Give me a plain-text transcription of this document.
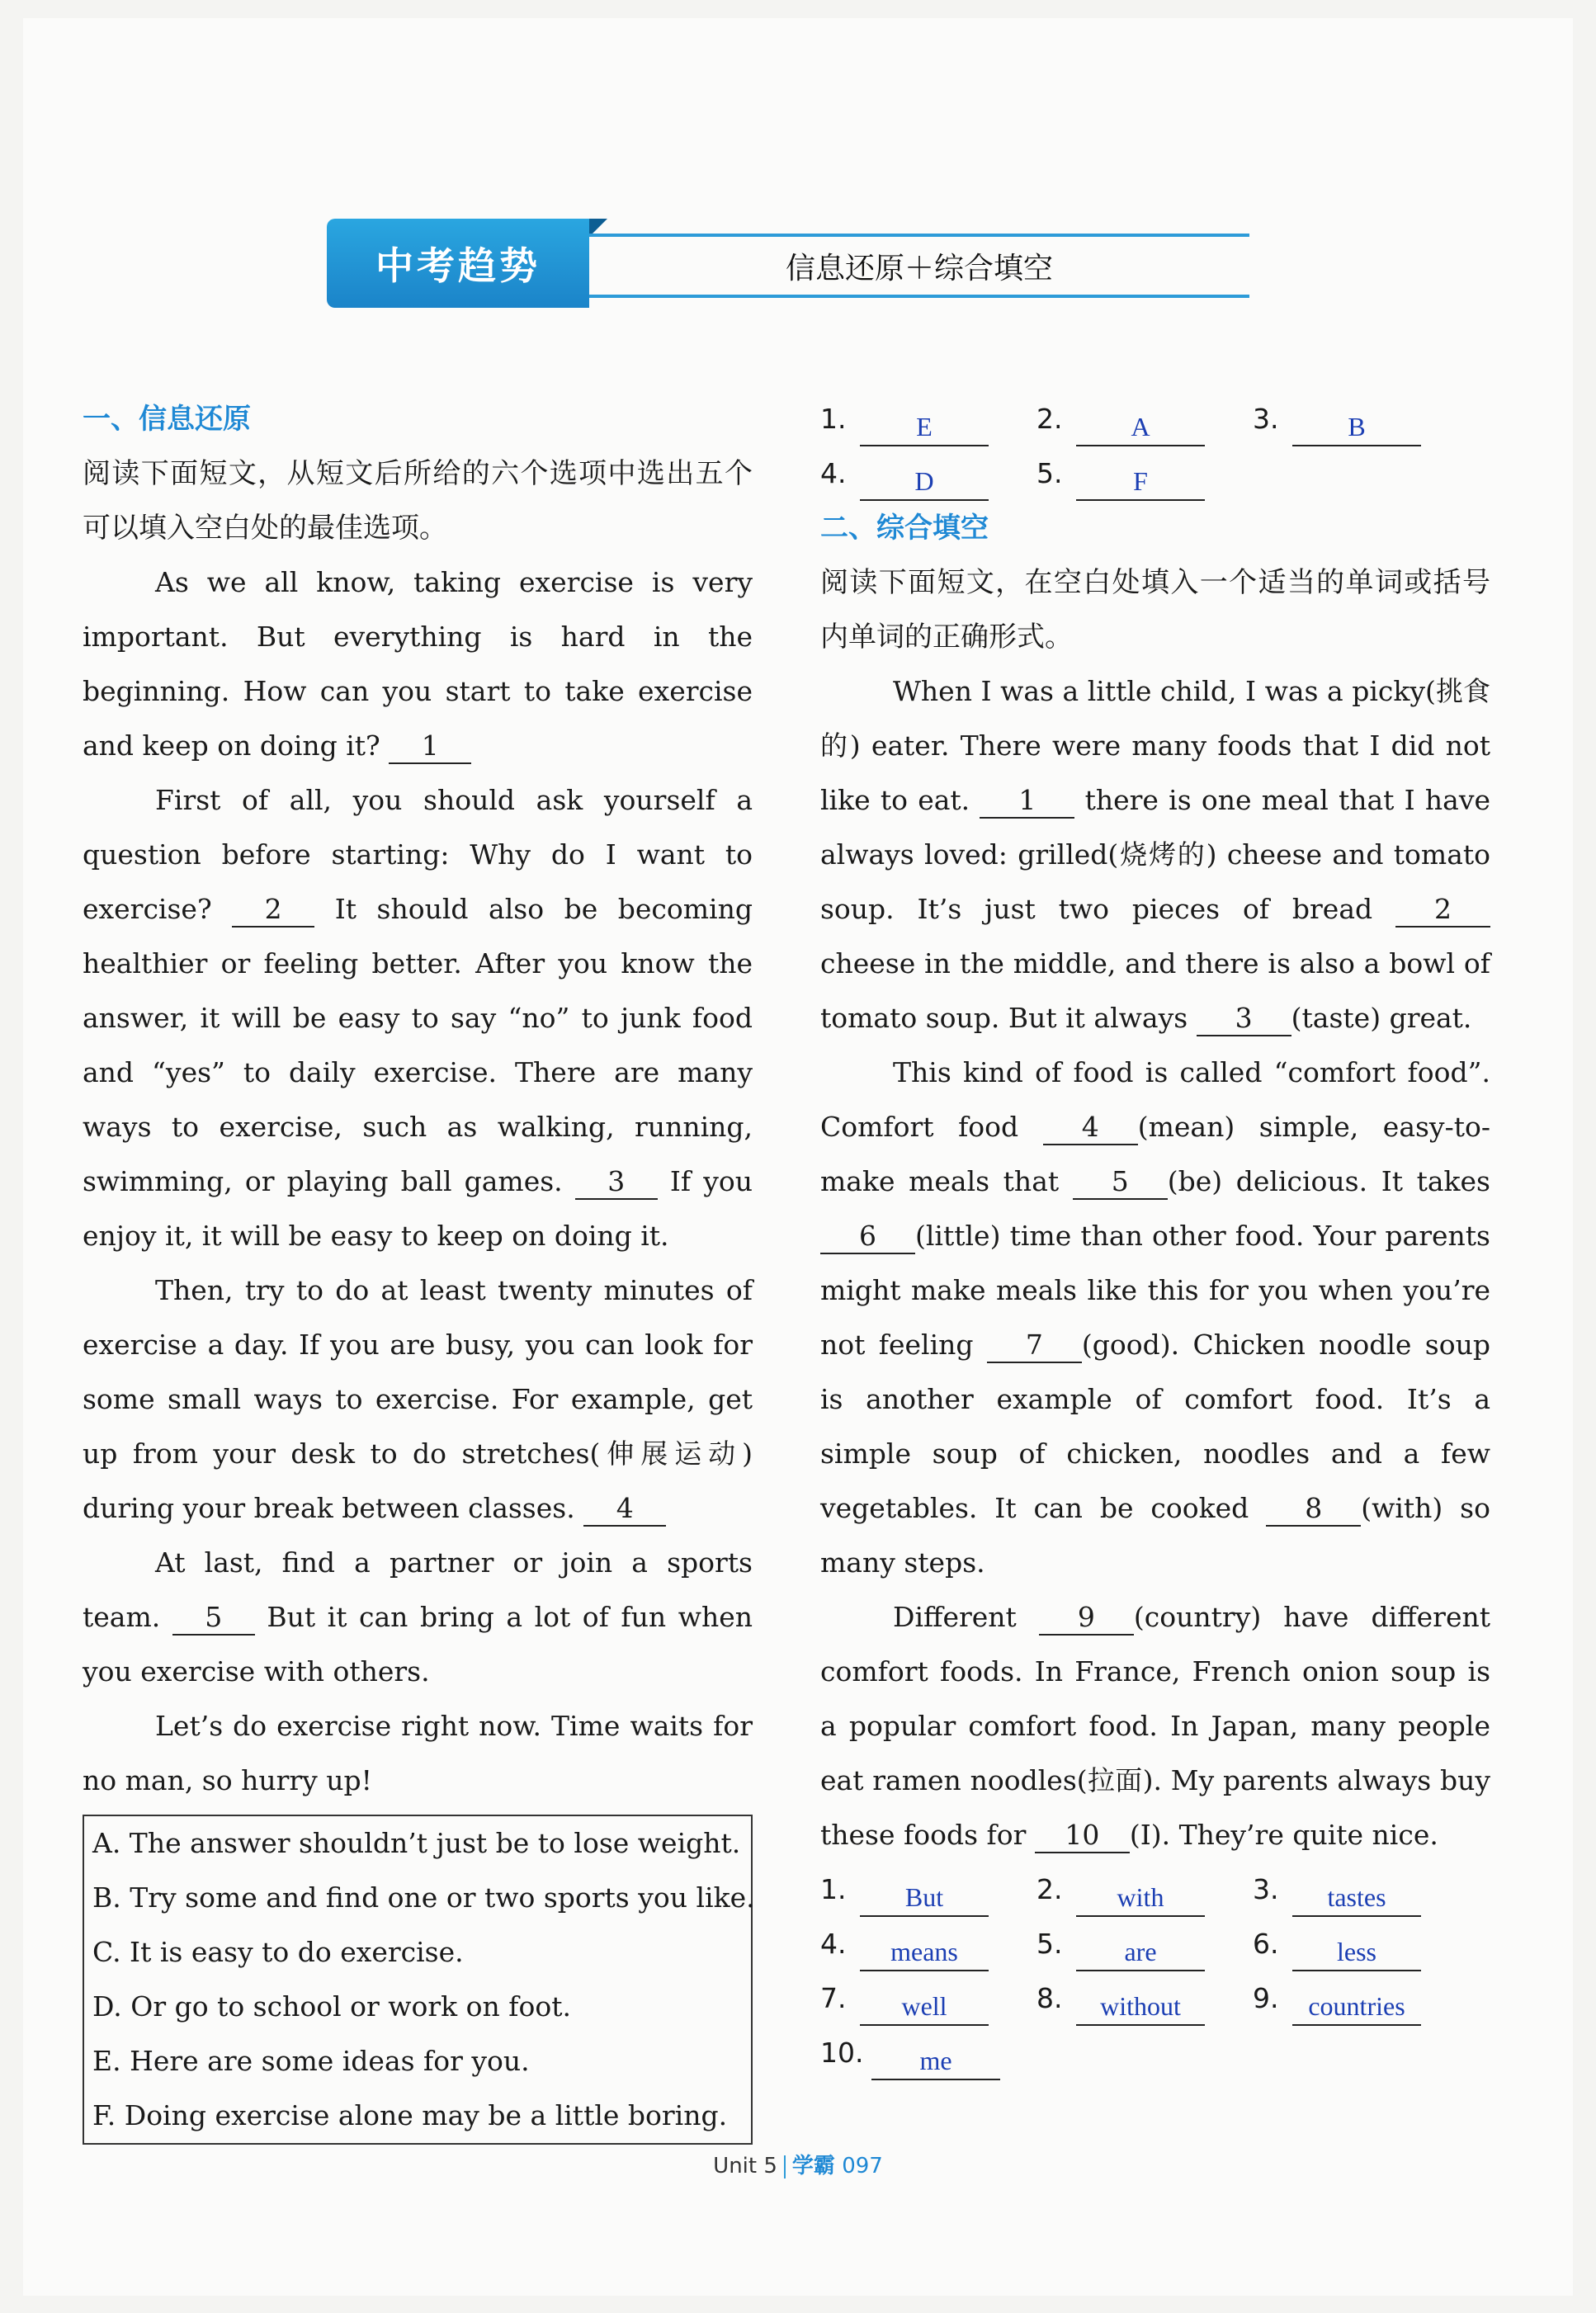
中考趋势	信息还原＋综合填空
一、信息还原
阅读下面短文，从短文后所给的六个选项中选出五个可以填入空白处的最佳选项。
As we all know, taking exercise is very important. But everything is hard in the beginning. How can you start to take exercise and keep on doing it? 1
First of all, you should ask yourself a question before starting: Why do I want to exercise? 2 It should also be becoming healthier or feeling better. After you know the answer, it will be easy to say “no” to junk food and “yes” to daily exercise. There are many ways to exercise, such as walking, running, swimming, or playing ball games. 3 If you enjoy it, it will be easy to keep on doing it.
Then, try to do at least twenty minutes of exercise a day. If you are busy, you can look for some small ways to exercise. For example, get up from your desk to do stretches(伸展运动) during your break between classes. 4
At last, find a partner or join a sports team. 5 But it can bring a lot of fun when you exercise with others.
Let’s do exercise right now. Time waits for no man, so hurry up!
A. The answer shouldn’t just be to lose weight.
B. Try some and find one or two sports you like.
C. It is easy to do exercise.
D. Or go to school or work on foot.
E. Here are some ideas for you.
F. Doing exercise alone may be a little boring.
1.	E	2.	A	3.	B
4.	D	5.	F
二、综合填空
阅读下面短文，在空白处填入一个适当的单词或括号内单词的正确形式。
When I was a little child, I was a picky(挑食的) eater. There were many foods that I did not like to eat. 1 there is one meal that I have always loved: grilled(烧烤的) cheese and tomato soup. It’s just two pieces of bread 2 cheese in the middle, and there is also a bowl of tomato soup. But it always 3 (taste) great.
This kind of food is called “comfort food”. Comfort food 4 (mean) simple, easy-to-make meals that 5 (be) delicious. It takes 6 (little) time than other food. Your parents might make meals like this for you when you’re not feeling 7 (good). Chicken noodle soup is another example of comfort food. It’s a simple soup of chicken, noodles and a few vegetables. It can be cooked 8 (with) so many steps.
Different 9 (country) have different comfort foods. In France, French onion soup is a popular comfort food. In Japan, many people eat ramen noodles(拉面). My parents always buy these foods for 10 (I). They’re quite nice.
1.	But	2.	with	3.	tastes
4.	means	5.	are	6.	less
7.	well	8.	without	9.	countries
10.	me
Unit 5 学霸 097
